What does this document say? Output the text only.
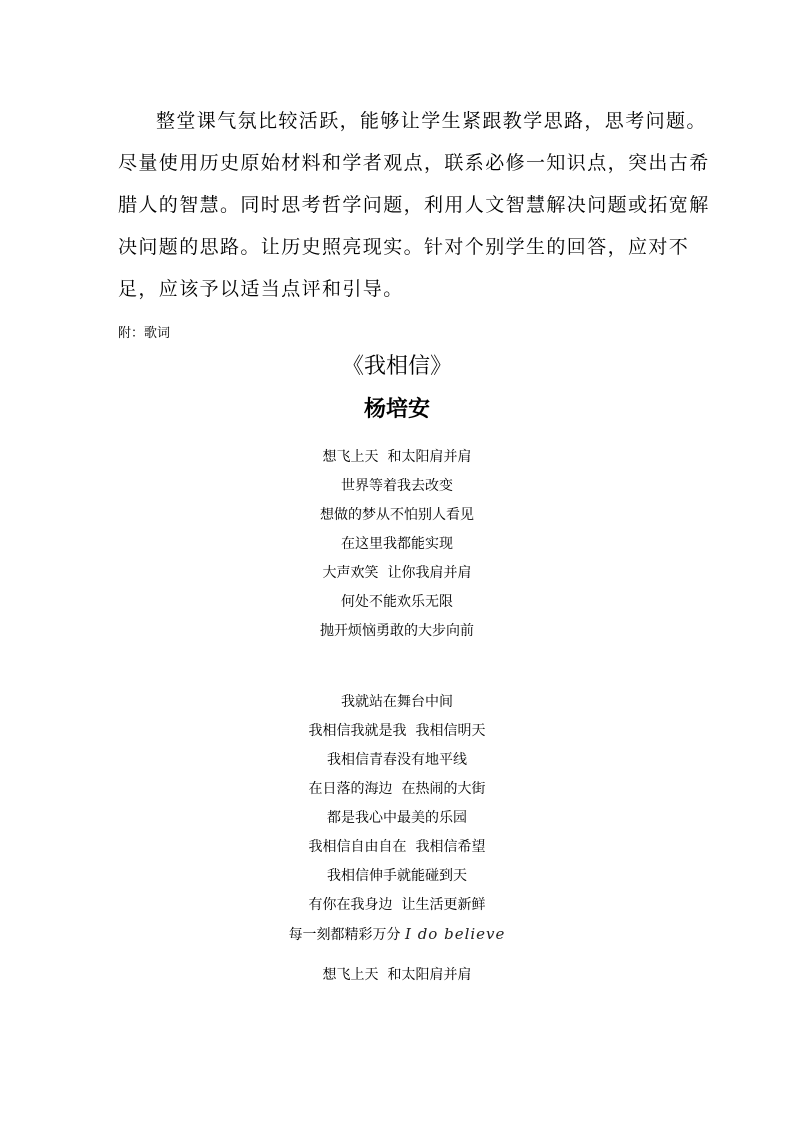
整堂课气氛比较活跃，能够让学生紧跟教学思路，思考问题。
尽量使用历史原始材料和学者观点，联系必修一知识点，突出古希
腊人的智慧。同时思考哲学问题，利用人文智慧解决问题或拓宽解
决问题的思路。让历史照亮现实。针对个别学生的回答，应对不
足，应该予以适当点评和引导。
附：歌词
《我相信》
杨培安
想飞上天  和太阳肩并肩
世界等着我去改变
想做的梦从不怕别人看见
在这里我都能实现
大声欢笑  让你我肩并肩
何处不能欢乐无限
抛开烦恼勇敢的大步向前
我就站在舞台中间
我相信我就是我  我相信明天
我相信青春没有地平线
在日落的海边  在热闹的大街
都是我心中最美的乐园
我相信自由自在  我相信希望
我相信伸手就能碰到天
有你在我身边  让生活更新鲜
每一刻都精彩万分 I do believe
想飞上天  和太阳肩并肩
